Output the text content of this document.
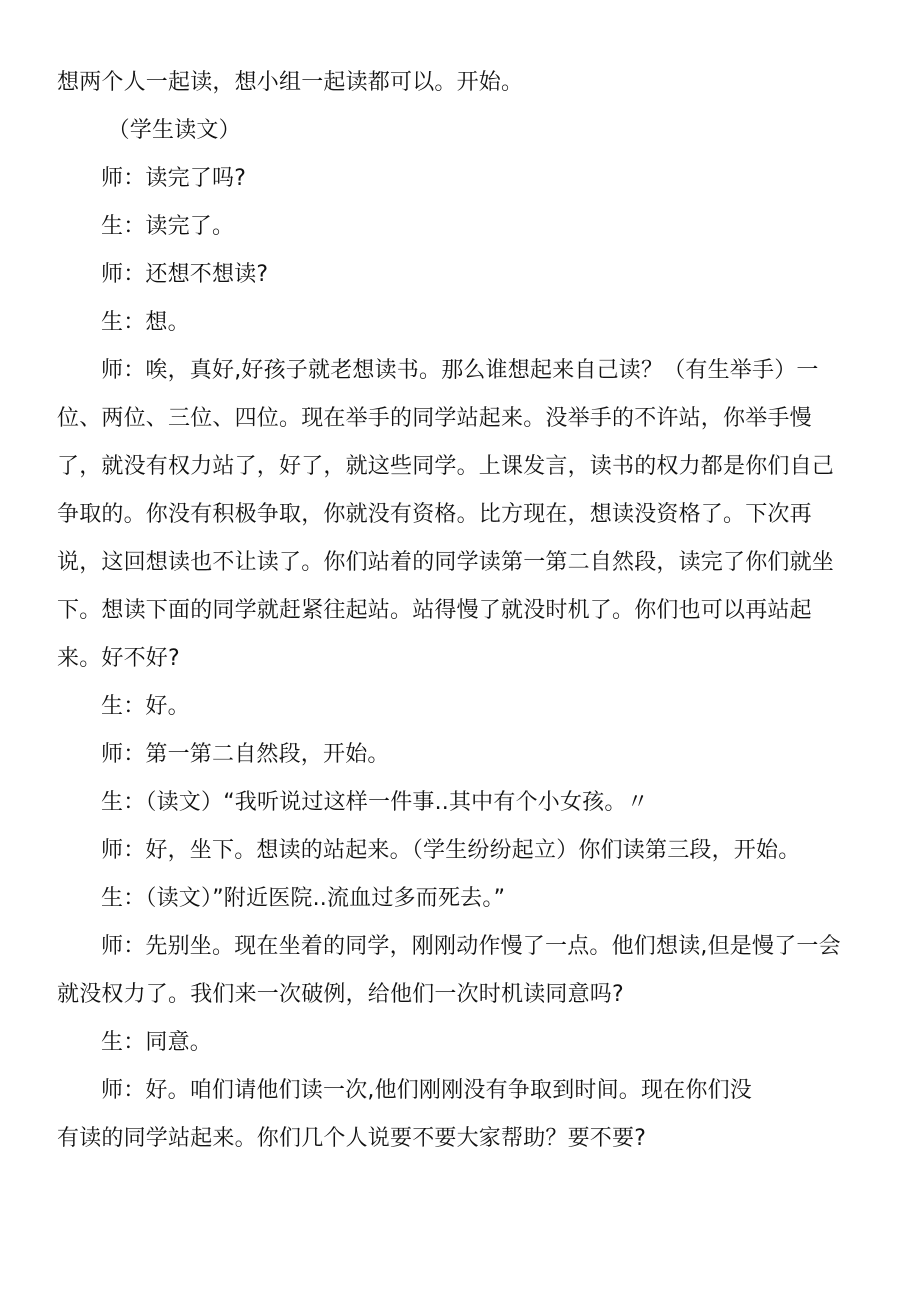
想两个人一起读，想小组一起读都可以。开始。

（学生读文）

师：读完了吗?

生：读完了。

师：还想不想读?

生：想。

师：唉，真好,好孩子就老想读书。那么谁想起来自己读？（有生举手）一位、两位、三位、四位。现在举手的同学站起来。没举手的不许站，你举手慢了，就没有权力站了，好了，就这些同学。上课发言，读书的权力都是你们自己争取的。你没有积极争取，你就没有资格。比方现在，想读没资格了。下次再说，这回想读也不让读了。你们站着的同学读第一第二自然段，读完了你们就坐下。想读下面的同学就赶紧往起站。站得慢了就没时机了。你们也可以再站起来。好不好?

生：好。

师：第一第二自然段，开始。

生：（读文）“我听说过这样一件事..其中有个小女孩。〃

师：好，坐下。想读的站起来。（学生纷纷起立）你们读第三段，开始。

生：（读文）”附近医院..流血过多而死去。”

师：先别坐。现在坐着的同学，刚刚动作慢了一点。他们想读,但是慢了一会就没权力了。我们来一次破例，给他们一次时机读同意吗?

生：同意。

师：好。咱们请他们读一次,他们刚刚没有争取到时间。现在你们没

有读的同学站起来。你们几个人说要不要大家帮助？要不要?
